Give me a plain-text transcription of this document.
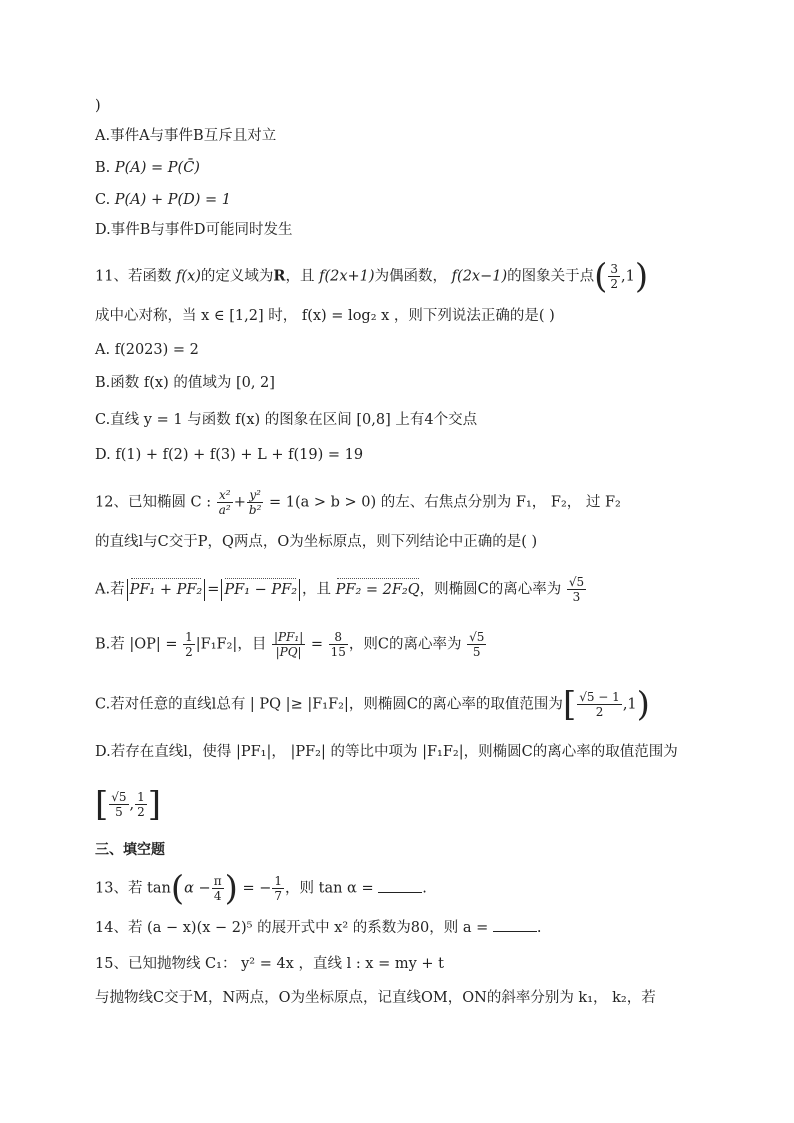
)
A.事件A与事件B互斥且对立
B. P(A) = P(C̄)
C. P(A) + P(D) = 1
D.事件B与事件D可能同时发生
11、若函数 f(x)的定义域为R，且 f(2x+1)为偶函数， f(2x−1)的图象关于点( $\frac{3}{2} ,1$)
成中心对称，当 x ∈ [1,2] 时， f(x) = log₂ x ，则下列说法正确的是( )
A. f(2023) = 2
B.函数 f(x) 的值域为 [0, 2]
C.直线 y = 1 与函数 f(x) 的图象在区间 [0,8] 上有4个交点
D. f(1) + f(2) + f(3) + L + f(19) = 19
12、已知椭圆 C : $\frac{\text{x²}}{\text{a²}} + \frac{\text{y²}}{\text{b²}} = 1(a > b > 0)$ 的左、右焦点分别为 F₁， F₂， 过 F₂
的直线l与C交于P，Q两点，O为坐标原点，则下列结论中正确的是( )
A.若 PF₁ + PF₂ = PF₁ − PF₂ ，且 PF₂ = 2F₂Q，则椭圆C的离心率为 $\frac{√5}{3}$
B.若 $|OP| = \frac{1}{2} |F_1F_2|$，目 $\frac{\text{|PF₁|}}{|PQ|} = \frac{8}{15}$ ，则C的离心率为 $\frac{√5}{5}$
C.若对任意的直线l总有 | PQ |≥ |F₁F₂|，则椭圆C的离心率的取值范围为[ $\frac{√5 - 1}{2} ,1$)
D.若存在直线l，使得 |PF₁|， |PF₂| 的等比中项为 |F₁F₂|，则椭圆C的离心率的取值范围为
[ $\frac{√5}{5}$ , $\frac{1}{2}$ ]
三、填空题
13、若 $\tan(\alpha - \frac{\pi}{4}$ ) = − $\frac{1}{7}$ ，则 tan α =	.
14、若 (a − x)(x − 2)⁵ 的展开式中 x² 的系数为80，则 a =	.
15、已知抛物线 C₁： y² = 4x ，直线 l : x = my + t
与抛物线C交于M，N两点，O为坐标原点，记直线OM，ON的斜率分别为 k₁， k₂，若
